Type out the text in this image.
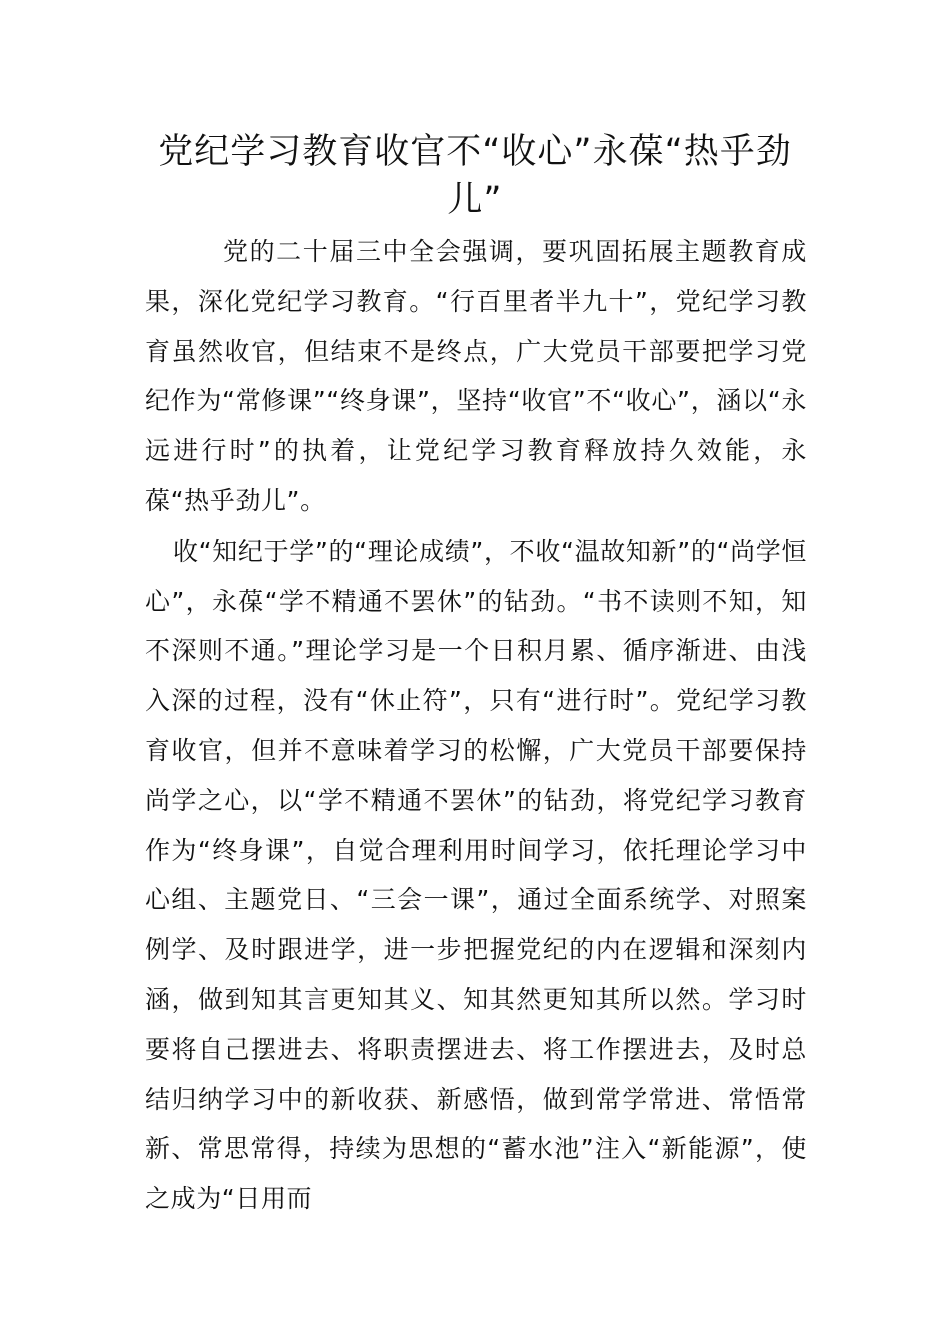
党纪学习教育收官不“收心”永葆“热乎劲儿”

党的二十届三中全会强调，要巩固拓展主题教育成果，深化党纪学习教育。“行百里者半九十”，党纪学习教育虽然收官，但结束不是终点，广大党员干部要把学习党纪作为“常修课”“终身课”，坚持“收官”不“收心”，涵以“永远进行时”的执着，让党纪学习教育释放持久效能，永葆“热乎劲儿”。

收“知纪于学”的“理论成绩”，不收“温故知新”的“尚学恒心”，永葆“学不精通不罢休”的钻劲。“书不读则不知，知不深则不通。”理论学习是一个日积月累、循序渐进、由浅入深的过程，没有“休止符”，只有“进行时”。党纪学习教育收官，但并不意味着学习的松懈，广大党员干部要保持尚学之心，以“学不精通不罢休”的钻劲，将党纪学习教育作为“终身课”，自觉合理利用时间学习，依托理论学习中心组、主题党日、“三会一课”，通过全面系统学、对照案例学、及时跟进学，进一步把握党纪的内在逻辑和深刻内涵，做到知其言更知其义、知其然更知其所以然。学习时要将自己摆进去、将职责摆进去、将工作摆进去，及时总结归纳学习中的新收获、新感悟，做到常学常进、常悟常新、常思常得，持续为思想的“蓄水池”注入“新能源”，使之成为“日用而
